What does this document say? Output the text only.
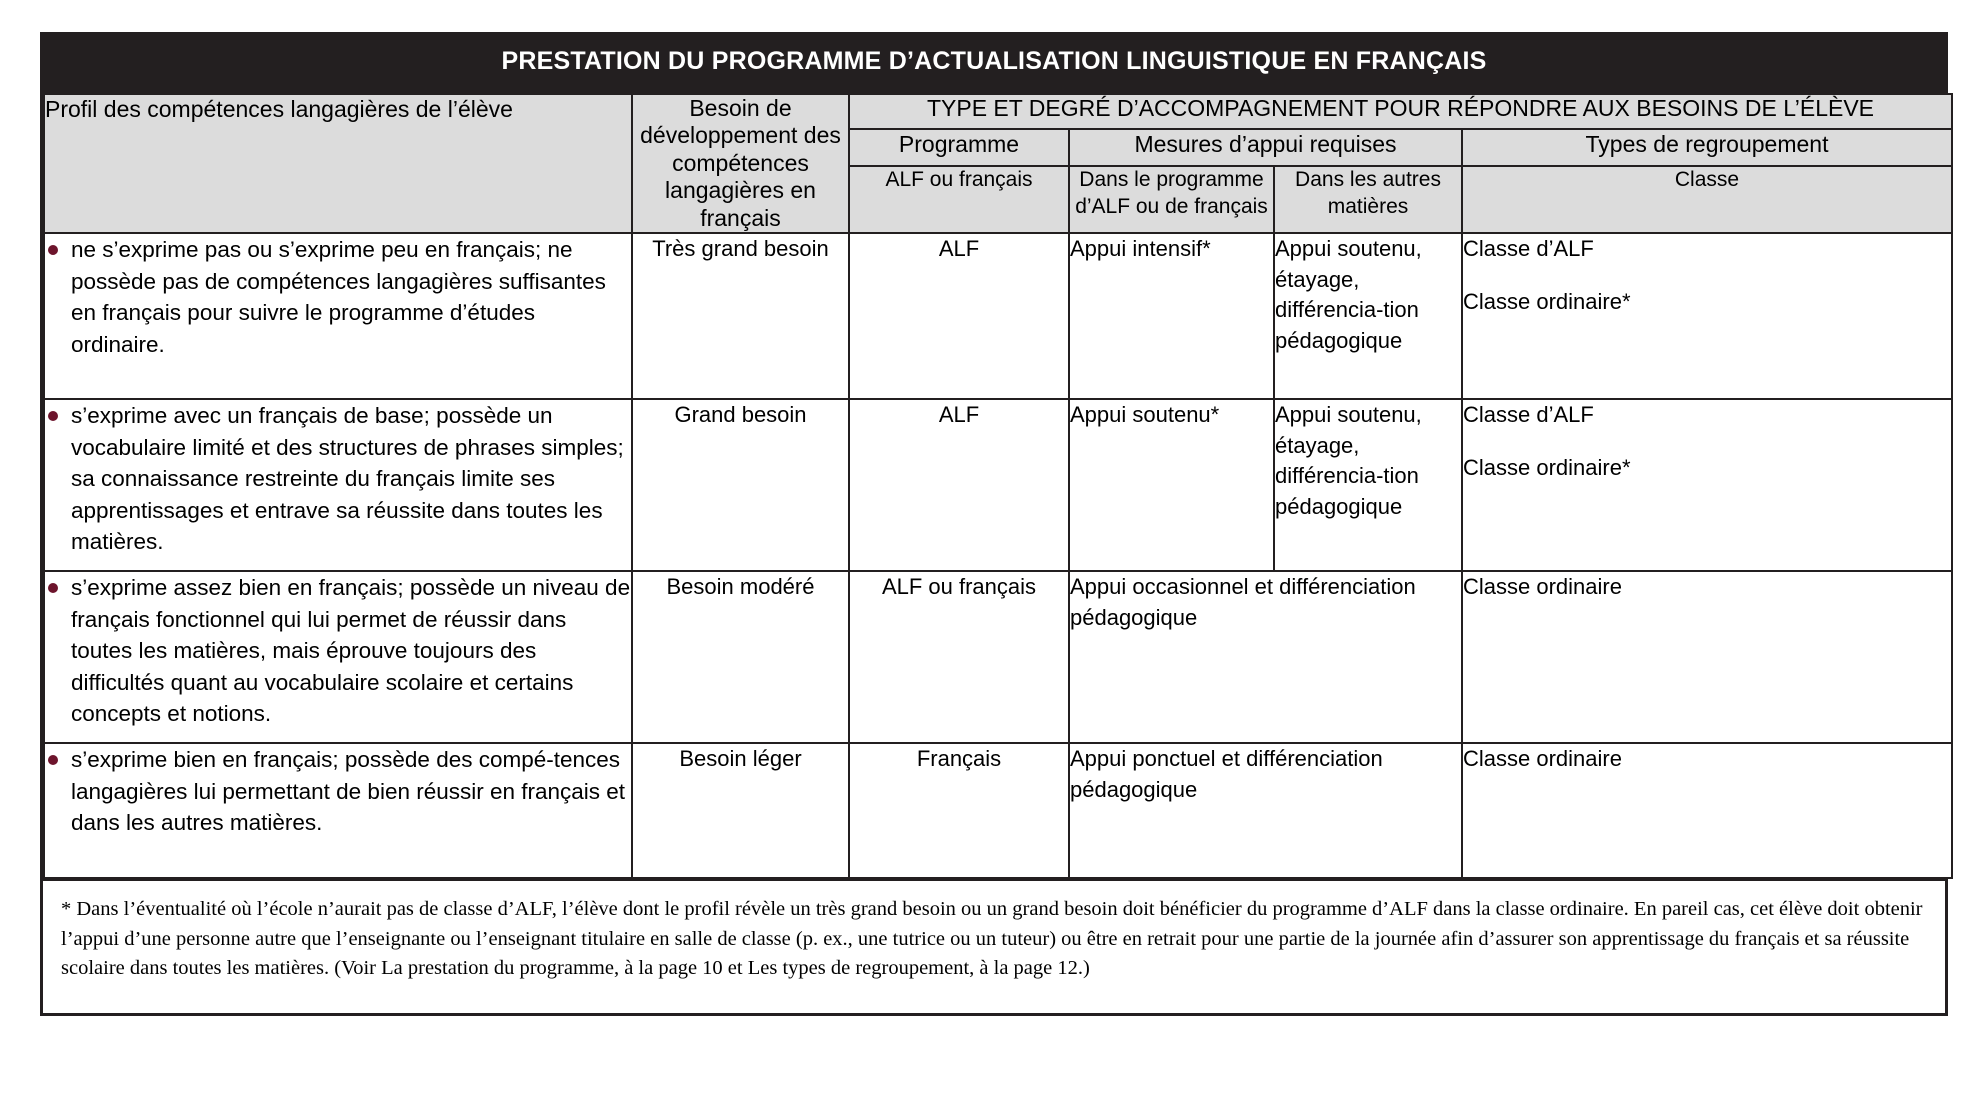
PRESTATION DU PROGRAMME D’ACTUALISATION LINGUISTIQUE EN FRANÇAIS
Profil des compétences langagières de l’élève	Besoin de développement des compétences langagières en français	TYPE ET DEGRÉ D’ACCOMPAGNEMENT POUR RÉPONDRE AUX BESOINS DE L’ÉLÈVE			
		Programme	Mesures d’appui requises		Types de regroupement
		ALF ou français	Dans le programme d’ALF ou de français	Dans les autres matières	Classe

ne s’exprime pas ou s’exprime peu en français; ne possède pas de compétences langagières suffisantes en français pour suivre le programme d’études ordinaire.	Très grand besoin	ALF	Appui intensif*	Appui soutenu, étayage, différencia-tion pédagogique	Classe d’ALF
Classe ordinaire*

s’exprime avec un français de base; possède un vocabulaire limité et des structures de phrases simples; sa connaissance restreinte du français limite ses apprentissages et entrave sa réussite dans toutes les matières.	Grand besoin	ALF	Appui soutenu*	Appui soutenu, étayage, différencia-tion pédagogique	Classe d’ALF
Classe ordinaire*

s’exprime assez bien en français; possède un niveau de français fonctionnel qui lui permet de réussir dans toutes les matières, mais éprouve toujours des difficultés quant au vocabulaire scolaire et certains concepts et notions.	Besoin modéré	ALF ou français	Appui occasionnel et différenciation pédagogique		Classe ordinaire

s’exprime bien en français; possède des compé-tences langagières lui permettant de bien réussir en français et dans les autres matières.	Besoin léger	Français	Appui ponctuel et différenciation pédagogique		Classe ordinaire
* Dans l’éventualité où l’école n’aurait pas de classe d’ALF, l’élève dont le profil révèle un très grand besoin ou un grand besoin doit bénéficier du programme d’ALF dans la classe ordinaire. En pareil cas, cet élève doit obtenir l’appui d’une personne autre que l’enseignante ou l’enseignant titulaire en salle de classe (p. ex., une tutrice ou un tuteur) ou être en retrait pour une partie de la journée afin d’assurer son apprentissage du français et sa réussite scolaire dans toutes les matières. (Voir La prestation du programme, à la page 10 et Les types de regroupement, à la page 12.)
